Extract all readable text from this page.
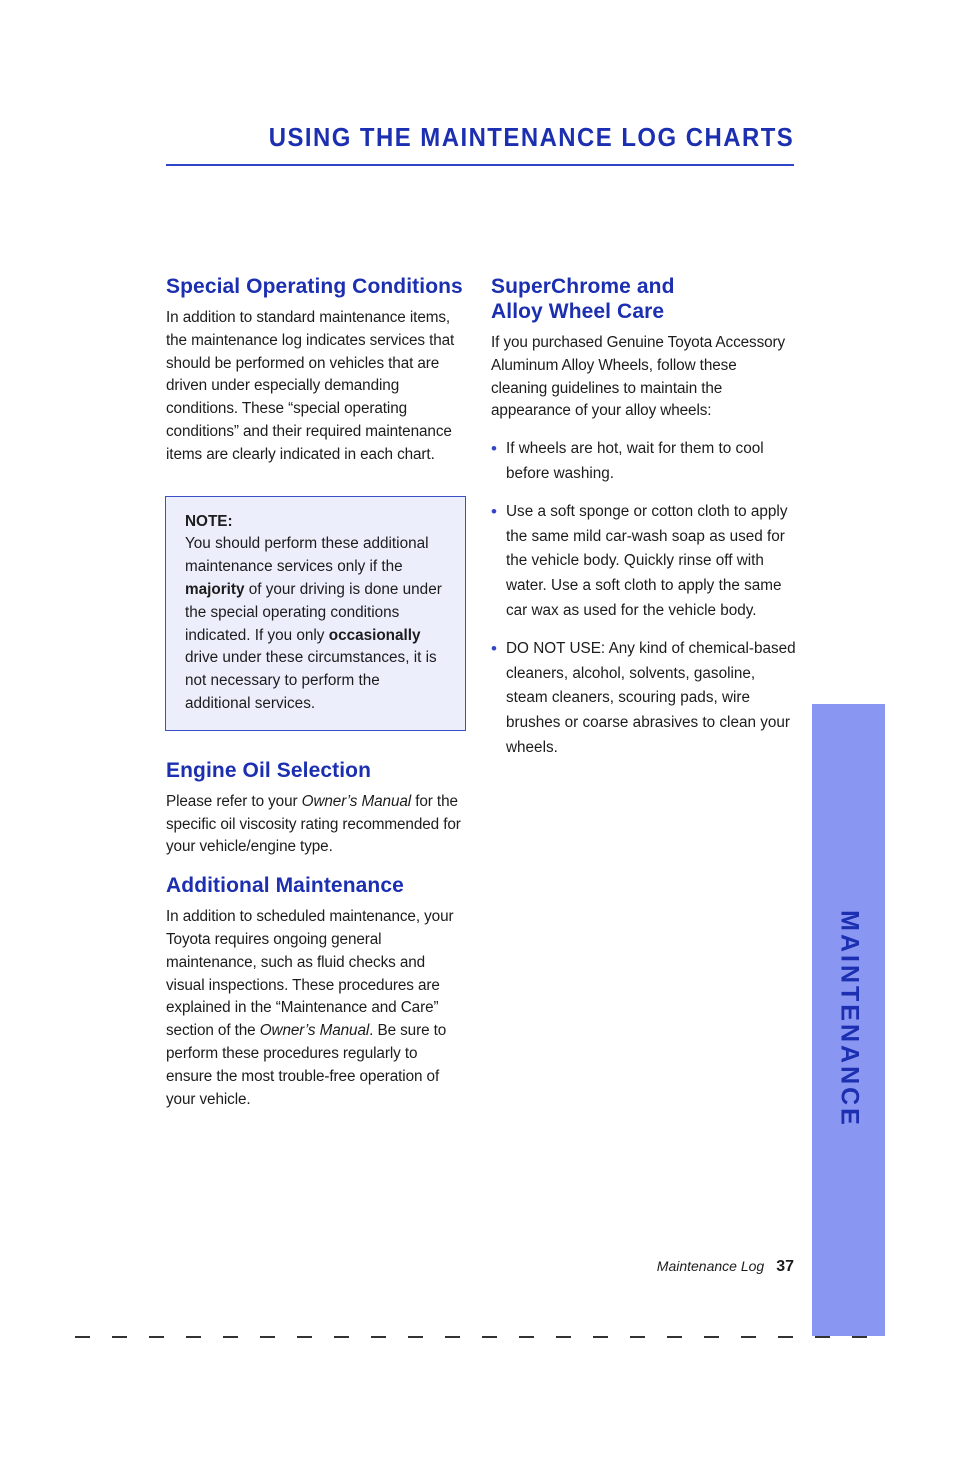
USING THE MAINTENANCE LOG CHARTS
Special Operating Conditions

In addition to standard maintenance items, the maintenance log indicates services that should be performed on vehicles that are driven under especially demanding conditions. These “special operating conditions” and their required maintenance items are clearly indicated in each chart.

NOTE:

You should perform these additional maintenance services only if the majority of your driving is done under the special operating conditions indicated. If you only occasionally drive under these circumstances, it is not necessary to perform the additional services.

Engine Oil Selection

Please refer to your Owner’s Manual for the specific oil viscosity rating recommended for your vehicle/engine type.

Additional Maintenance

In addition to scheduled maintenance, your Toyota requires ongoing general maintenance, such as fluid checks and visual inspections. These procedures are explained in the “Maintenance and Care” section of the Owner’s Manual. Be sure to perform these procedures regularly to ensure the most trouble-free operation of your vehicle.

SuperChrome and
Alloy Wheel Care

If you purchased Genuine Toyota Accessory Aluminum Alloy Wheels, follow these cleaning guidelines to maintain the appearance of your alloy wheels:

• If wheels are hot, wait for them to cool before washing.
• Use a soft sponge or cotton cloth to apply the same mild car-wash soap as used for the vehicle body. Quickly rinse off with water. Use a soft cloth to apply the same car wax as used for the vehicle body.
• DO NOT USE: Any kind of chemical-based cleaners, alcohol, solvents, gasoline, steam cleaners, scouring pads, wire brushes or coarse abrasives to clean your wheels.
Maintenance Log 37
MAINTENANCE
